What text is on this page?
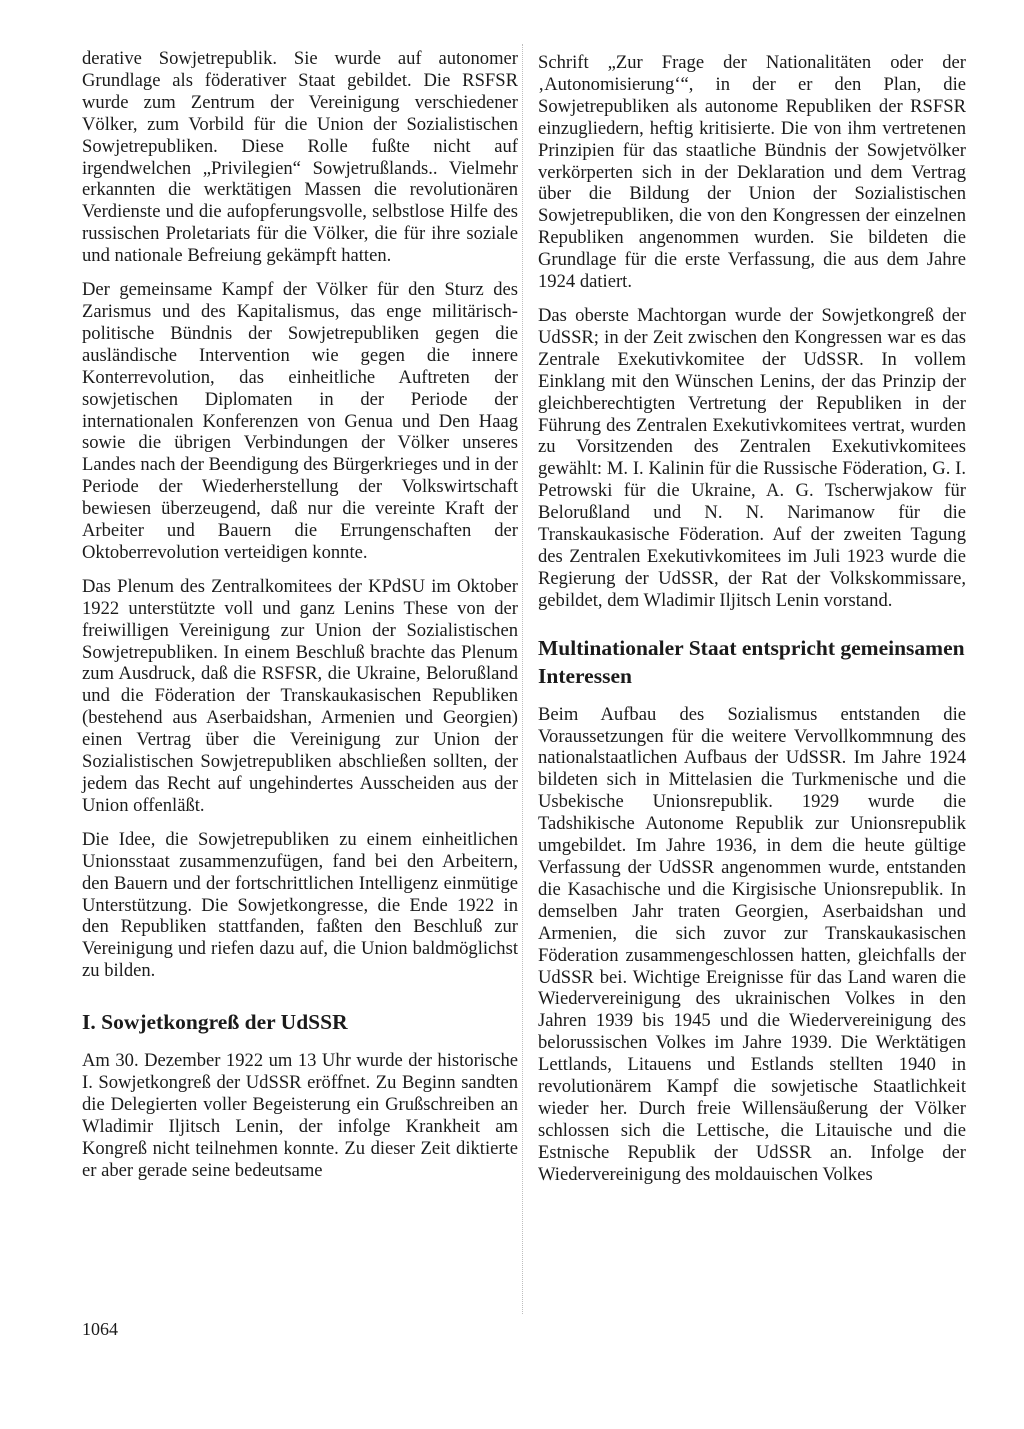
derative Sowjetrepublik. Sie wurde auf autonomer Grundlage als föderativer Staat gebildet. Die RSFSR wurde zum Zentrum der Vereinigung verschiedener Völker, zum Vorbild für die Union der Sozialistischen Sowjetrepubliken. Diese Rolle fußte nicht auf irgendwelchen „Privilegien“ Sowjetrußlands.. Vielmehr erkannten die werktätigen Massen die revolutionären Verdienste und die aufopferungsvolle, selbstlose Hilfe des russischen Proletariats für die Völker, die für ihre soziale und nationale Befreiung gekämpft hatten.

Der gemeinsame Kampf der Völker für den Sturz des Zarismus und des Kapitalismus, das enge militärisch-politische Bündnis der Sowjetrepubliken gegen die ausländische Intervention wie gegen die innere Konterrevolution, das einheitliche Auftreten der sowjetischen Diplomaten in der Periode der internationalen Konferenzen von Genua und Den Haag sowie die übrigen Verbindungen der Völker unseres Landes nach der Beendigung des Bürgerkrieges und in der Periode der Wiederherstellung der Volkswirtschaft bewiesen überzeugend, daß nur die vereinte Kraft der Arbeiter und Bauern die Errungenschaften der Oktoberrevolution verteidigen konnte.

Das Plenum des Zentralkomitees der KPdSU im Oktober 1922 unterstützte voll und ganz Lenins These von der freiwilligen Vereinigung zur Union der Sozialistischen Sowjetrepubliken. In einem Beschluß brachte das Plenum zum Ausdruck, daß die RSFSR, die Ukraine, Belorußland und die Föderation der Transkaukasischen Republiken (bestehend aus Aserbaidshan, Armenien und Georgien) einen Vertrag über die Vereinigung zur Union der Sozialistischen Sowjetrepubliken abschließen sollten, der jedem das Recht auf ungehindertes Ausscheiden aus der Union offenläßt.

Die Idee, die Sowjetrepubliken zu einem einheitlichen Unionsstaat zusammenzufügen, fand bei den Arbeitern, den Bauern und der fortschrittlichen Intelligenz einmütige Unterstützung. Die Sowjetkongresse, die Ende 1922 in den Republiken stattfanden, faßten den Beschluß zur Vereinigung und riefen dazu auf, die Union baldmöglichst zu bilden.

I. Sowjetkongreß der UdSSR

Am 30. Dezember 1922 um 13 Uhr wurde der historische I. Sowjetkongreß der UdSSR eröffnet. Zu Beginn sandten die Delegierten voller Begeisterung ein Grußschreiben an Wladimir Iljitsch Lenin, der infolge Krankheit am Kongreß nicht teilnehmen konnte. Zu dieser Zeit diktierte er aber gerade seine bedeutsame

Schrift „Zur Frage der Nationalitäten oder der ‚Autonomisierung‘“, in der er den Plan, die Sowjetrepubliken als autonome Republiken der RSFSR einzugliedern, heftig kritisierte. Die von ihm vertretenen Prinzipien für das staatliche Bündnis der Sowjetvölker verkörperten sich in der Deklaration und dem Vertrag über die Bildung der Union der Sozialistischen Sowjetrepubliken, die von den Kongressen der einzelnen Republiken angenommen wurden. Sie bildeten die Grundlage für die erste Verfassung, die aus dem Jahre 1924 datiert.

Das oberste Machtorgan wurde der Sowjetkongreß der UdSSR; in der Zeit zwischen den Kongressen war es das Zentrale Exekutivkomitee der UdSSR. In vollem Einklang mit den Wünschen Lenins, der das Prinzip der gleichberechtigten Vertretung der Republiken in der Führung des Zentralen Exekutivkomitees vertrat, wurden zu Vorsitzenden des Zentralen Exekutivkomitees gewählt: M. I. Kalinin für die Russische Föderation, G. I. Petrowski für die Ukraine, A. G. Tscherwjakow für Belorußland und N. N. Narimanow für die Transkaukasische Föderation. Auf der zweiten Tagung des Zentralen Exekutivkomitees im Juli 1923 wurde die Regierung der UdSSR, der Rat der Volkskommissare, gebildet, dem Wladimir Iljitsch Lenin vorstand.

Multinationaler Staat entspricht gemeinsamen Interessen

Beim Aufbau des Sozialismus entstanden die Voraussetzungen für die weitere Vervollkommnung des nationalstaatlichen Aufbaus der UdSSR. Im Jahre 1924 bildeten sich in Mittelasien die Turkmenische und die Usbekische Unionsrepublik. 1929 wurde die Tadshikische Autonome Republik zur Unionsrepublik umgebildet. Im Jahre 1936, in dem die heute gültige Verfassung der UdSSR angenommen wurde, entstanden die Kasachische und die Kirgisische Unionsrepublik. In demselben Jahr traten Georgien, Aserbaidshan und Armenien, die sich zuvor zur Transkaukasischen Föderation zusammengeschlossen hatten, gleichfalls der UdSSR bei. Wichtige Ereignisse für das Land waren die Wiedervereinigung des ukrainischen Volkes in den Jahren 1939 bis 1945 und die Wiedervereinigung des belorussischen Volkes im Jahre 1939. Die Werktätigen Lettlands, Litauens und Estlands stellten 1940 in revolutionärem Kampf die sowjetische Staatlichkeit wieder her. Durch freie Willensäußerung der Völker schlossen sich die Lettische, die Litauische und die Estnische Republik der UdSSR an. Infolge der Wiedervereinigung des moldauischen Volkes

1064
